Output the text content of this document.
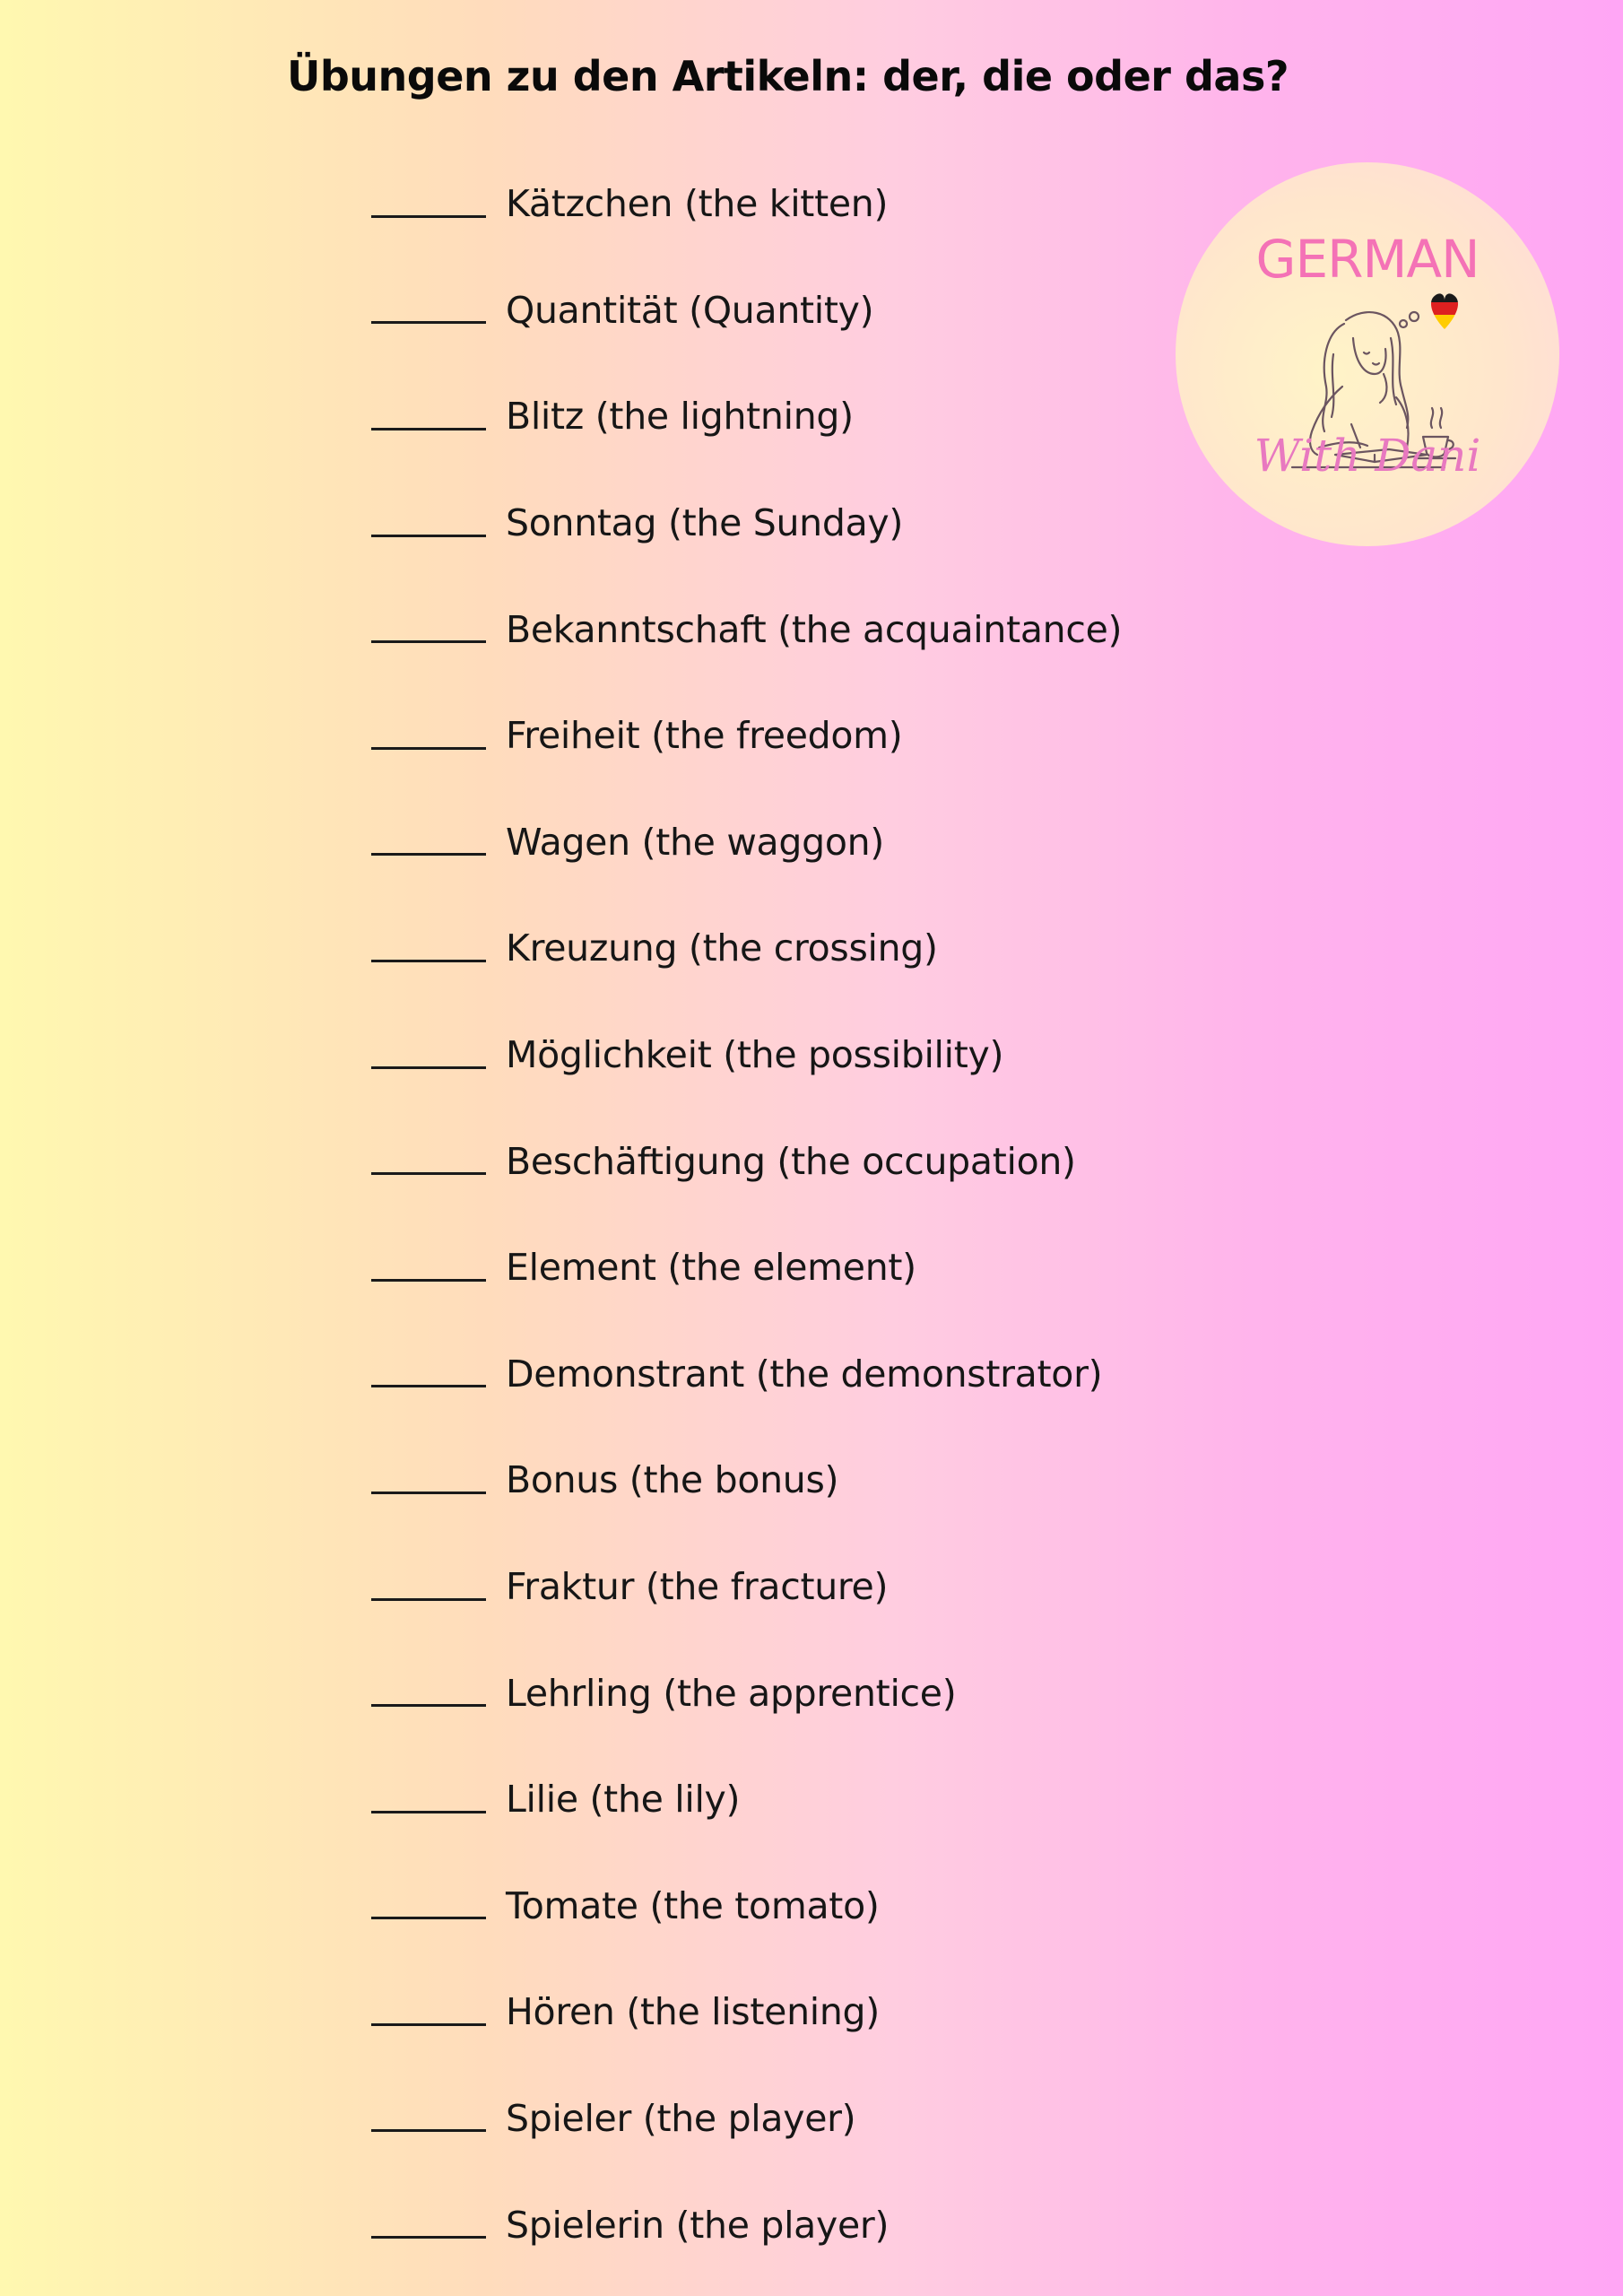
Übungen zu den Artikeln: der, die oder das?
Kätzchen (the kitten)
Quantität (Quantity)
Blitz (the lightning)
Sonntag (the Sunday)
Bekanntschaft (the acquaintance)
Freiheit (the freedom)
Wagen (the waggon)
Kreuzung (the crossing)
Möglichkeit (the possibility)
Beschäftigung (the occupation)
Element (the element)
Demonstrant (the demonstrator)
Bonus (the bonus)
Fraktur (the fracture)
Lehrling (the apprentice)
Lilie (the lily)
Tomate (the tomato)
Hören (the listening)
Spieler (the player)
Spielerin (the player)
GERMAN
With Dani
